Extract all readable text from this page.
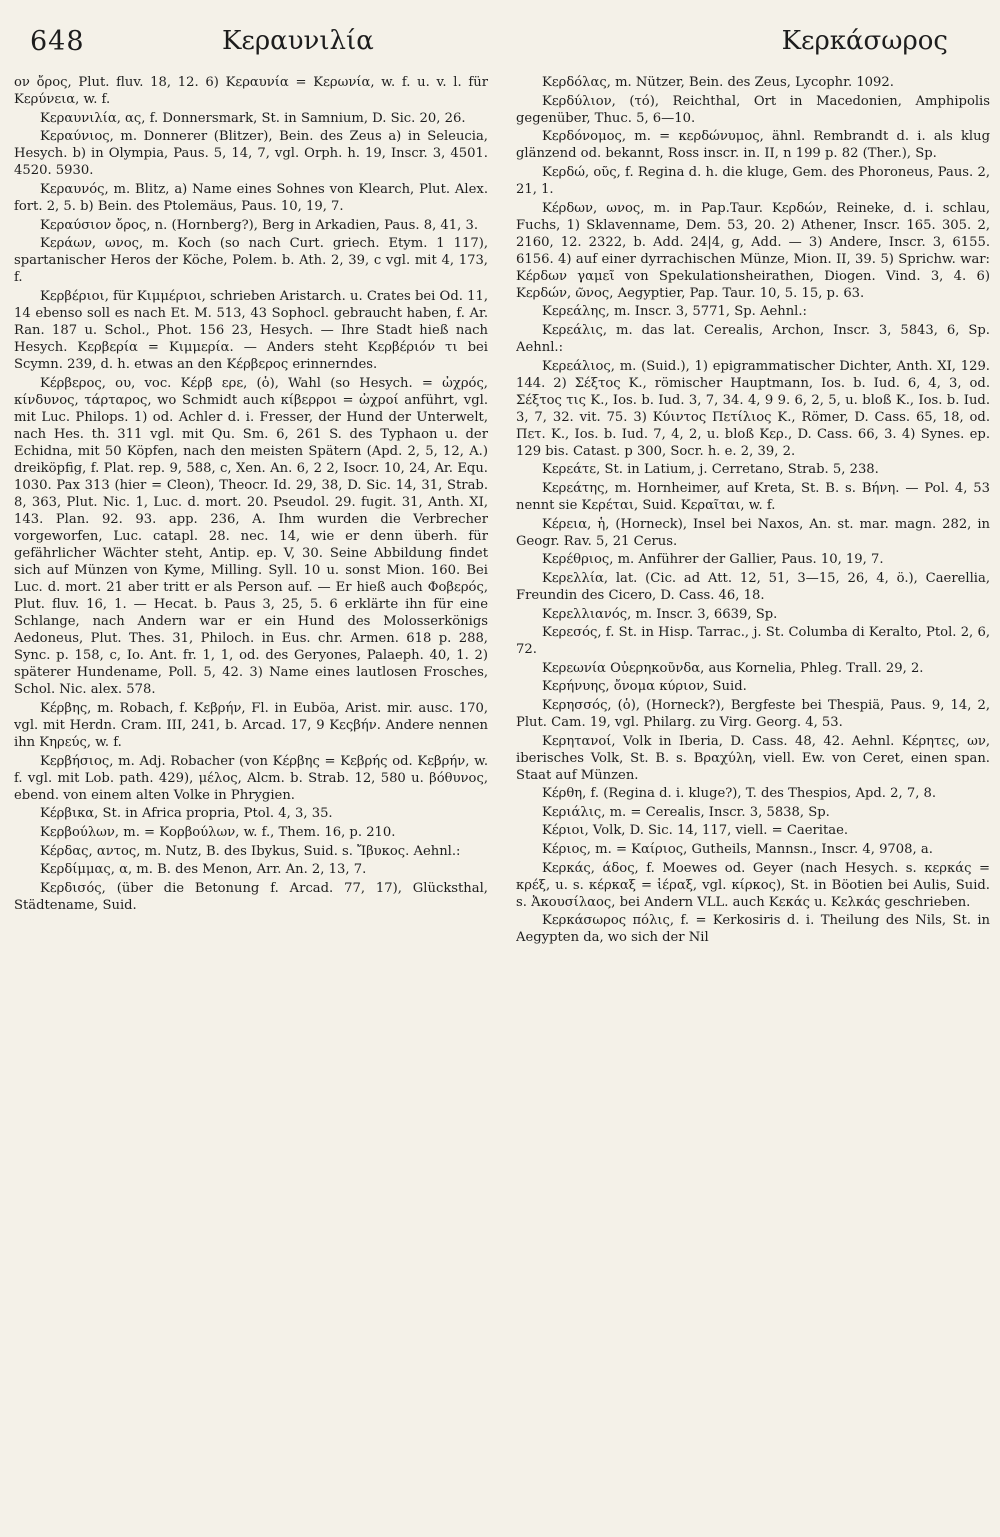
648	Κεραυνιλία	Κερκάσωρος

ον ὄρος, Plut. fluv. 18, 12. 6) Κεραυνία = Κερωνία, w. f. u. v. l. für Κερύνεια, w. f.

Κεραυνιλία, ας, f. Donnersmark, St. in Samnium, D. Sic. 20, 26.

Κεραύνιος, m. Donnerer (Blitzer), Bein. des Zeus a) in Seleucia, Hesych. b) in Olympia, Paus. 5, 14, 7, vgl. Orph. h. 19, Inscr. 3, 4501. 4520. 5930.

Κεραυνός, m. Blitz, a) Name eines Sohnes von Klearch, Plut. Alex. fort. 2, 5. b) Bein. des Ptolemäus, Paus. 10, 19, 7.

Κεραύσιον ὄρος, n. (Hornberg?), Berg in Arkadien, Paus. 8, 41, 3.

Κεράων, ωνος, m. Koch (so nach Curt. griech. Etym. 1 117), spartanischer Heros der Köche, Polem. b. Ath. 2, 39, c vgl. mit 4, 173, f.

Κερβέριοι, für Κιμμέριοι, schrieben Aristarch. u. Crates bei Od. 11, 14 ebenso soll es nach Et. M. 513, 43 Sophocl. gebraucht haben, f. Ar. Ran. 187 u. Schol., Phot. 156 23, Hesych. — Ihre Stadt hieß nach Hesych. Κερβερία = Κιμμερία. — Anders steht Κερβέριόν τι bei Scymn. 239, d. h. etwas an den Κέρβερος erinnerndes.

Κέρβερος, ου, voc. Κέρβ ερε, (ὁ), Wahl (so Hesych. = ὠχρός, κίνδυνος, τάρταρος, wo Schmidt auch κίβερροι = ὠχροί anführt, vgl. mit Luc. Philops. 1) od. Achler d. i. Fresser, der Hund der Unterwelt, nach Hes. th. 311 vgl. mit Qu. Sm. 6, 261 S. des Typhaon u. der Echidna, mit 50 Köpfen, nach den meisten Spätern (Apd. 2, 5, 12, A.) dreiköpfig, f. Plat. rep. 9, 588, c, Xen. An. 6, 2 2, Isocr. 10, 24, Ar. Equ. 1030. Pax 313 (hier = Cleon), Theocr. Id. 29, 38, D. Sic. 14, 31, Strab. 8, 363, Plut. Nic. 1, Luc. d. mort. 20. Pseudol. 29. fugit. 31, Anth. XI, 143. Plan. 92. 93. app. 236, A. Ihm wurden die Verbrecher vorgeworfen, Luc. catapl. 28. nec. 14, wie er denn überh. für gefährlicher Wächter steht, Antip. ep. V, 30. Seine Abbildung findet sich auf Münzen von Kyme, Milling. Syll. 10 u. sonst Mion. 160. Bei Luc. d. mort. 21 aber tritt er als Person auf. — Er hieß auch Φοβερός, Plut. fluv. 16, 1. — Hecat. b. Paus 3, 25, 5. 6 erklärte ihn für eine Schlange, nach Andern war er ein Hund des Molosserkönigs Aedoneus, Plut. Thes. 31, Philoch. in Eus. chr. Armen. 618 p. 288, Sync. p. 158, c, Io. Ant. fr. 1, 1, od. des Geryones, Palaeph. 40, 1. 2) späterer Hundename, Poll. 5, 42. 3) Name eines lautlosen Frosches, Schol. Nic. alex. 578.

Κέρβης, m. Robach, f. Κεβρήν, Fl. in Euböa, Arist. mir. ausc. 170, vgl. mit Herdn. Cram. III, 241, b. Arcad. 17, 9 Κεςβήν. Andere nennen ihn Κηρεύς, w. f.

Κερβήσιος, m. Adj. Robacher (von Κέρβης = Κεβρής od. Κεβρήν, w. f. vgl. mit Lob. path. 429), μέλος, Alcm. b. Strab. 12, 580 u. βόθυνος, ebend. von einem alten Volke in Phrygien.

Κέρβικα, St. in Africa propria, Ptol. 4, 3, 35.

Κερβούλων, m. = Κορβούλων, w. f., Them. 16, p. 210.

Κέρδας, αντος, m. Nutz, B. des Ibykus, Suid. s. Ἴβυκος. Aehnl.:

Κερδίμμας, α, m. B. des Menon, Arr. An. 2, 13, 7.

Κερδισός, (über die Betonung f. Arcad. 77, 17), Glücksthal, Städtename, Suid.

Κερδόλας, m. Nützer, Bein. des Zeus, Lycophr. 1092.

Κερδύλιον, (τό), Reichthal, Ort in Macedonien, Amphipolis gegenüber, Thuc. 5, 6—10.

Κερδόνομος, m. = κερδώνυμος, ähnl. Rembrandt d. i. als klug glänzend od. bekannt, Ross inscr. in. II, n 199 p. 82 (Ther.), Sp.

Κερδώ, οῦς, f. Regina d. h. die kluge, Gem. des Phoroneus, Paus. 2, 21, 1.

Κέρδων, ωνος, m. in Pap.Taur. Κερδών, Reineke, d. i. schlau, Fuchs, 1) Sklavenname, Dem. 53, 20. 2) Athener, Inscr. 165. 305. 2, 2160, 12. 2322, b. Add. 24|4, g, Add. — 3) Andere, Inscr. 3, 6155. 6156. 4) auf einer dyrrachischen Münze, Mion. II, 39. 5) Sprichw. war: Κέρδων γαμεῖ von Spekulationsheirathen, Diogen. Vind. 3, 4. 6) Κερδών, ῶνος, Aegyptier, Pap. Taur. 10, 5. 15, p. 63.

Κερεάλης, m. Inscr. 3, 5771, Sp. Aehnl.:

Κερεάλις, m. das lat. Cerealis, Archon, Inscr. 3, 5843, 6, Sp. Aehnl.:

Κερεάλιος, m. (Suid.), 1) epigrammatischer Dichter, Anth. XI, 129. 144. 2) Σέξτος Κ., römischer Hauptmann, Ios. b. Iud. 6, 4, 3, od. Σέξτος τις Κ., Ios. b. Iud. 3, 7, 34. 4, 9 9. 6, 2, 5, u. bloß K., Ios. b. Iud. 3, 7, 32. vit. 75. 3) Κύιντος Πετίλιος Κ., Römer, D. Cass. 65, 18, od. Πετ. Κ., Ios. b. Iud. 7, 4, 2, u. bloß Κερ., D. Cass. 66, 3. 4) Synes. ep. 129 bis. Catast. p 300, Socr. h. e. 2, 39, 2.

Κερεάτε, St. in Latium, j. Cerretano, Strab. 5, 238.

Κερεάτης, m. Hornheimer, auf Kreta, St. B. s. Βήνη. — Pol. 4, 53 nennt sie Κερέται, Suid. Κεραῖται, w. f.

Κέρεια, ἡ, (Horneck), Insel bei Naxos, An. st. mar. magn. 282, in Geogr. Rav. 5, 21 Cerus.

Κερέθριος, m. Anführer der Gallier, Paus. 10, 19, 7.

Κερελλία, lat. (Cic. ad Att. 12, 51, 3—15, 26, 4, ö.), Caerellia, Freundin des Cicero, D. Cass. 46, 18.

Κερελλιανός, m. Inscr. 3, 6639, Sp.

Κερεσός, f. St. in Hisp. Tarrac., j. St. Columba di Keralto, Ptol. 2, 6, 72.

Κερεωνία Οὐερηκοῦνδα, aus Kornelia, Phleg. Trall. 29, 2.

Κερήνυης, ὄνομα κύριον, Suid.

Κερησσός, (ὁ), (Horneck?), Bergfeste bei Thespiä, Paus. 9, 14, 2, Plut. Cam. 19, vgl. Philarg. zu Virg. Georg. 4, 53.

Κερητανοί, Volk in Iberia, D. Cass. 48, 42. Aehnl. Κέρητες, ων, iberisches Volk, St. B. s. Βραχύλη, viell. Ew. von Ceret, einen span. Staat auf Münzen.

Κέρθη, f. (Regina d. i. kluge?), T. des Thespios, Apd. 2, 7, 8.

Κεριάλις, m. = Cerealis, Inscr. 3, 5838, Sp.

Κέριοι, Volk, D. Sic. 14, 117, viell. = Caeritae.

Κέριος, m. = Καίριος, Gutheils, Mannsn., Inscr. 4, 9708, a.

Κερκάς, άδος, f. Moewes od. Geyer (nach Hesych. s. κερκάς = κρέξ, u. s. κέρκαξ = ἱέραξ, vgl. κίρκος), St. in Böotien bei Aulis, Suid. s. Ἀκουσίλαος, bei Andern VLL. auch Κεκάς u. Κελκάς geschrieben.

Κερκάσωρος πόλις, f. = Kerkosiris d. i. Theilung des Nils, St. in Aegypten da, wo sich der Nil
